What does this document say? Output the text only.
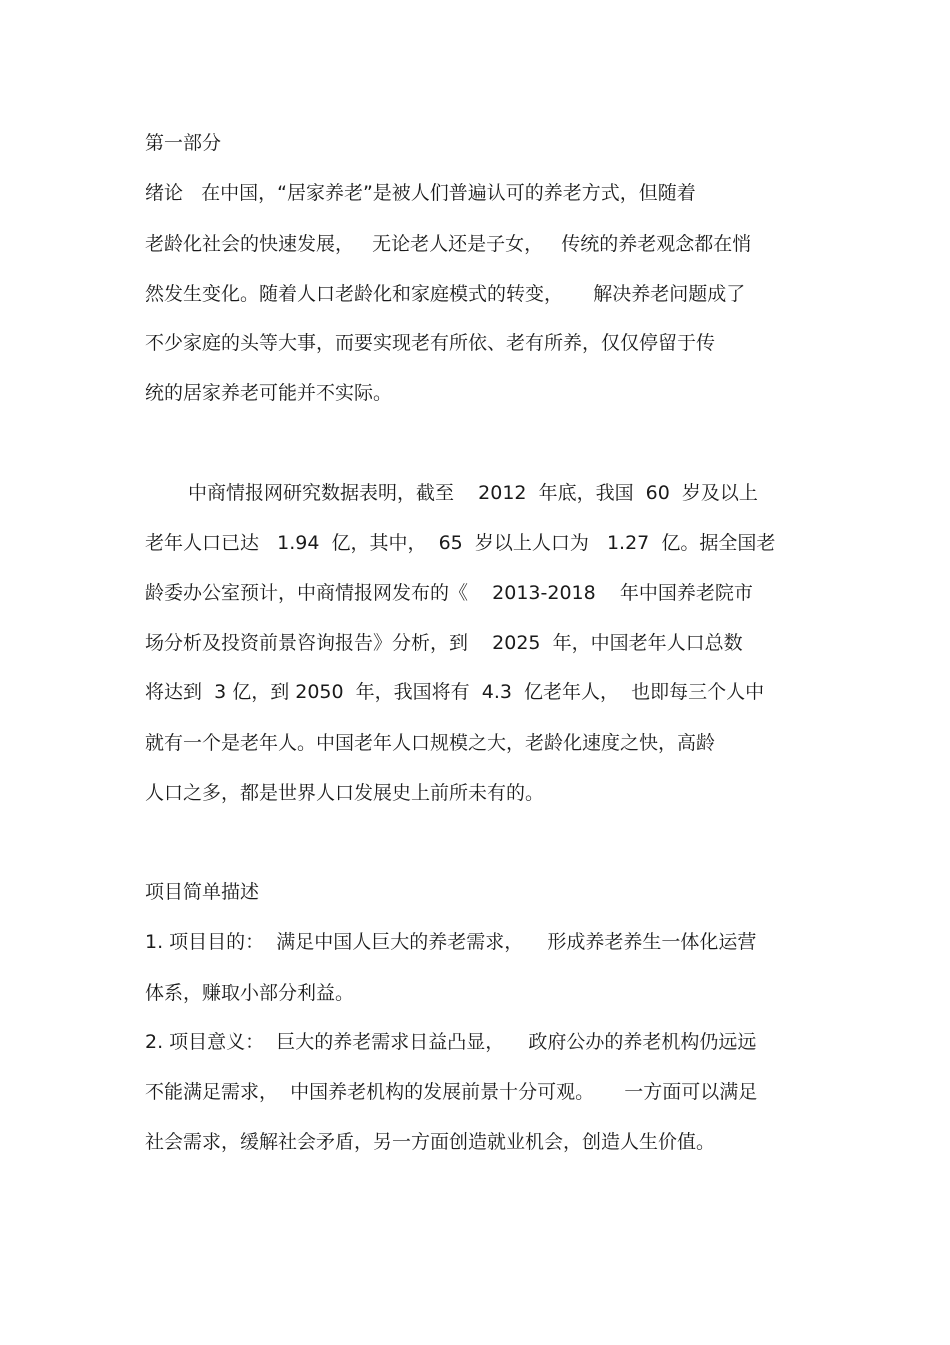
第一部分
绪论   在中国，“居家养老”是被人们普遍认可的养老方式，但随着
老龄化社会的快速发展，   无论老人还是子女，   传统的养老观念都在悄
然发生变化。随着人口老龄化和家庭模式的转变，     解决养老问题成了
不少家庭的头等大事，而要实现老有所依、老有所养，仅仅停留于传
统的居家养老可能并不实际。
中商情报网研究数据表明，截至    2012  年底，我国  60  岁及以上
老年人口已达   1.94  亿，其中，  65  岁以上人口为   1.27  亿。据全国老
龄委办公室预计，中商情报网发布的《    2013-2018    年中国养老院市
场分析及投资前景咨询报告》分析，到    2025  年，中国老年人口总数
将达到  3 亿，到 2050  年，我国将有  4.3  亿老年人，  也即每三个人中
就有一个是老年人。中国老年人口规模之大，老龄化速度之快，高龄
人口之多，都是世界人口发展史上前所未有的。
项目简单描述
1. 项目目的：  满足中国人巨大的养老需求，    形成养老养生一体化运营
体系，赚取小部分利益。
2. 项目意义：  巨大的养老需求日益凸显，    政府公办的养老机构仍远远
不能满足需求，  中国养老机构的发展前景十分可观。     一方面可以满足
社会需求，缓解社会矛盾，另一方面创造就业机会，创造人生价值。
